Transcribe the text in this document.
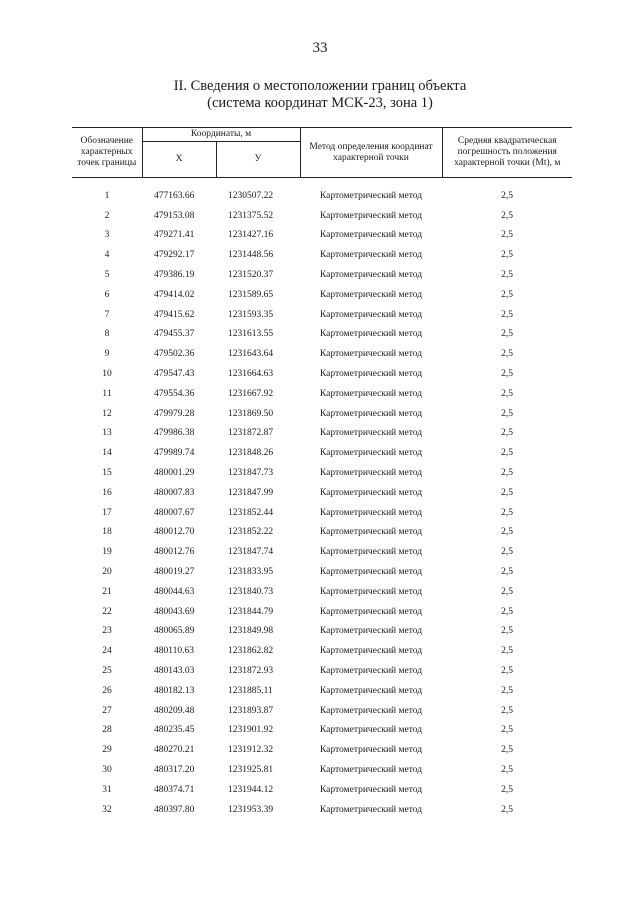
33
II. Сведения о местоположении границ объекта
(система координат МСК-23, зона 1)
Обозначение характерных точек границы	Координаты, м		Метод определения координат характерной точки	Средняя квадратическая погрешность положения характерной точки (Mt), м
	X	У		
1	477163.66	1230507.22	Картометрический метод	2,5
2	479153.08	1231375.52	Картометрический метод	2,5
3	479271.41	1231427.16	Картометрический метод	2,5
4	479292.17	1231448.56	Картометрический метод	2,5
5	479386.19	1231520.37	Картометрический метод	2,5
6	479414.02	1231589.65	Картометрический метод	2,5
7	479415.62	1231593.35	Картометрический метод	2,5
8	479455.37	1231613.55	Картометрический метод	2,5
9	479502.36	1231643.64	Картометрический метод	2,5
10	479547.43	1231664.63	Картометрический метод	2,5
11	479554.36	1231667.92	Картометрический метод	2,5
12	479979.28	1231869.50	Картометрический метод	2,5
13	479986.38	1231872.87	Картометрический метод	2,5
14	479989.74	1231848.26	Картометрический метод	2,5
15	480001.29	1231847.73	Картометрический метод	2,5
16	480007.83	1231847.99	Картометрический метод	2,5
17	480007.67	1231852.44	Картометрический метод	2,5
18	480012.70	1231852.22	Картометрический метод	2,5
19	480012.76	1231847.74	Картометрический метод	2,5
20	480019.27	1231833.95	Картометрический метод	2,5
21	480044.63	1231840.73	Картометрический метод	2,5
22	480043.69	1231844.79	Картометрический метод	2,5
23	480065.89	1231849.98	Картометрический метод	2,5
24	480110.63	1231862.82	Картометрический метод	2,5
25	480143.03	1231872.93	Картометрический метод	2,5
26	480182.13	1231885.11	Картометрический метод	2,5
27	480209.48	1231893.87	Картометрический метод	2,5
28	480235.45	1231901.92	Картометрический метод	2,5
29	480270.21	1231912.32	Картометрический метод	2,5
30	480317.20	1231925.81	Картометрический метод	2,5
31	480374.71	1231944.12	Картометрический метод	2,5
32	480397.80	1231953.39	Картометрический метод	2,5
